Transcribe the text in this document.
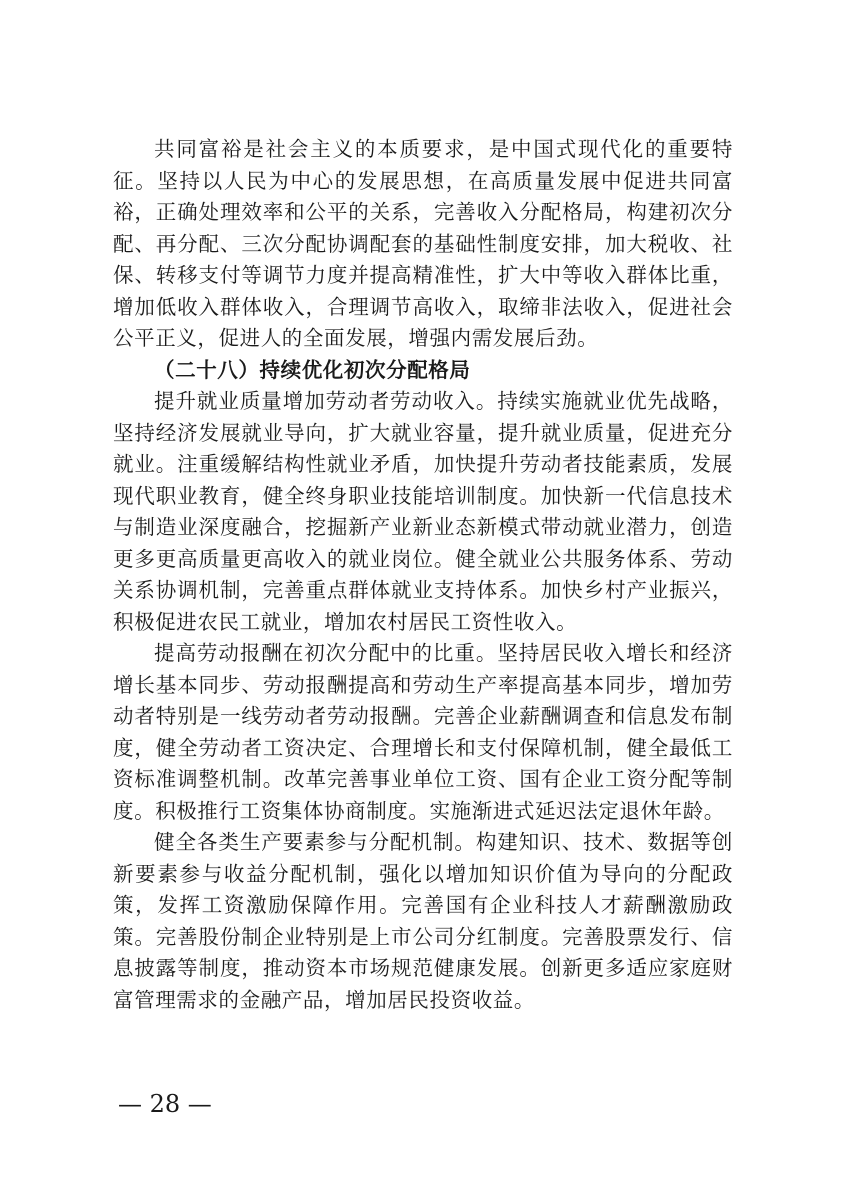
共同富裕是社会主义的本质要求，是中国式现代化的重要特征。坚持以人民为中心的发展思想，在高质量发展中促进共同富裕，正确处理效率和公平的关系，完善收入分配格局，构建初次分配、再分配、三次分配协调配套的基础性制度安排，加大税收、社保、转移支付等调节力度并提高精准性，扩大中等收入群体比重，增加低收入群体收入，合理调节高收入，取缔非法收入，促进社会公平正义，促进人的全面发展，增强内需发展后劲。

（二十八）持续优化初次分配格局

提升就业质量增加劳动者劳动收入。持续实施就业优先战略，坚持经济发展就业导向，扩大就业容量，提升就业质量，促进充分就业。注重缓解结构性就业矛盾，加快提升劳动者技能素质，发展现代职业教育，健全终身职业技能培训制度。加快新一代信息技术与制造业深度融合，挖掘新产业新业态新模式带动就业潜力，创造更多更高质量更高收入的就业岗位。健全就业公共服务体系、劳动关系协调机制，完善重点群体就业支持体系。加快乡村产业振兴，积极促进农民工就业，增加农村居民工资性收入。

提高劳动报酬在初次分配中的比重。坚持居民收入增长和经济增长基本同步、劳动报酬提高和劳动生产率提高基本同步，增加劳动者特别是一线劳动者劳动报酬。完善企业薪酬调查和信息发布制度，健全劳动者工资决定、合理增长和支付保障机制，健全最低工资标准调整机制。改革完善事业单位工资、国有企业工资分配等制度。积极推行工资集体协商制度。实施渐进式延迟法定退休年龄。

健全各类生产要素参与分配机制。构建知识、技术、数据等创新要素参与收益分配机制，强化以增加知识价值为导向的分配政策，发挥工资激励保障作用。完善国有企业科技人才薪酬激励政策。完善股份制企业特别是上市公司分红制度。完善股票发行、信息披露等制度，推动资本市场规范健康发展。创新更多适应家庭财富管理需求的金融产品，增加居民投资收益。

— 28 —
